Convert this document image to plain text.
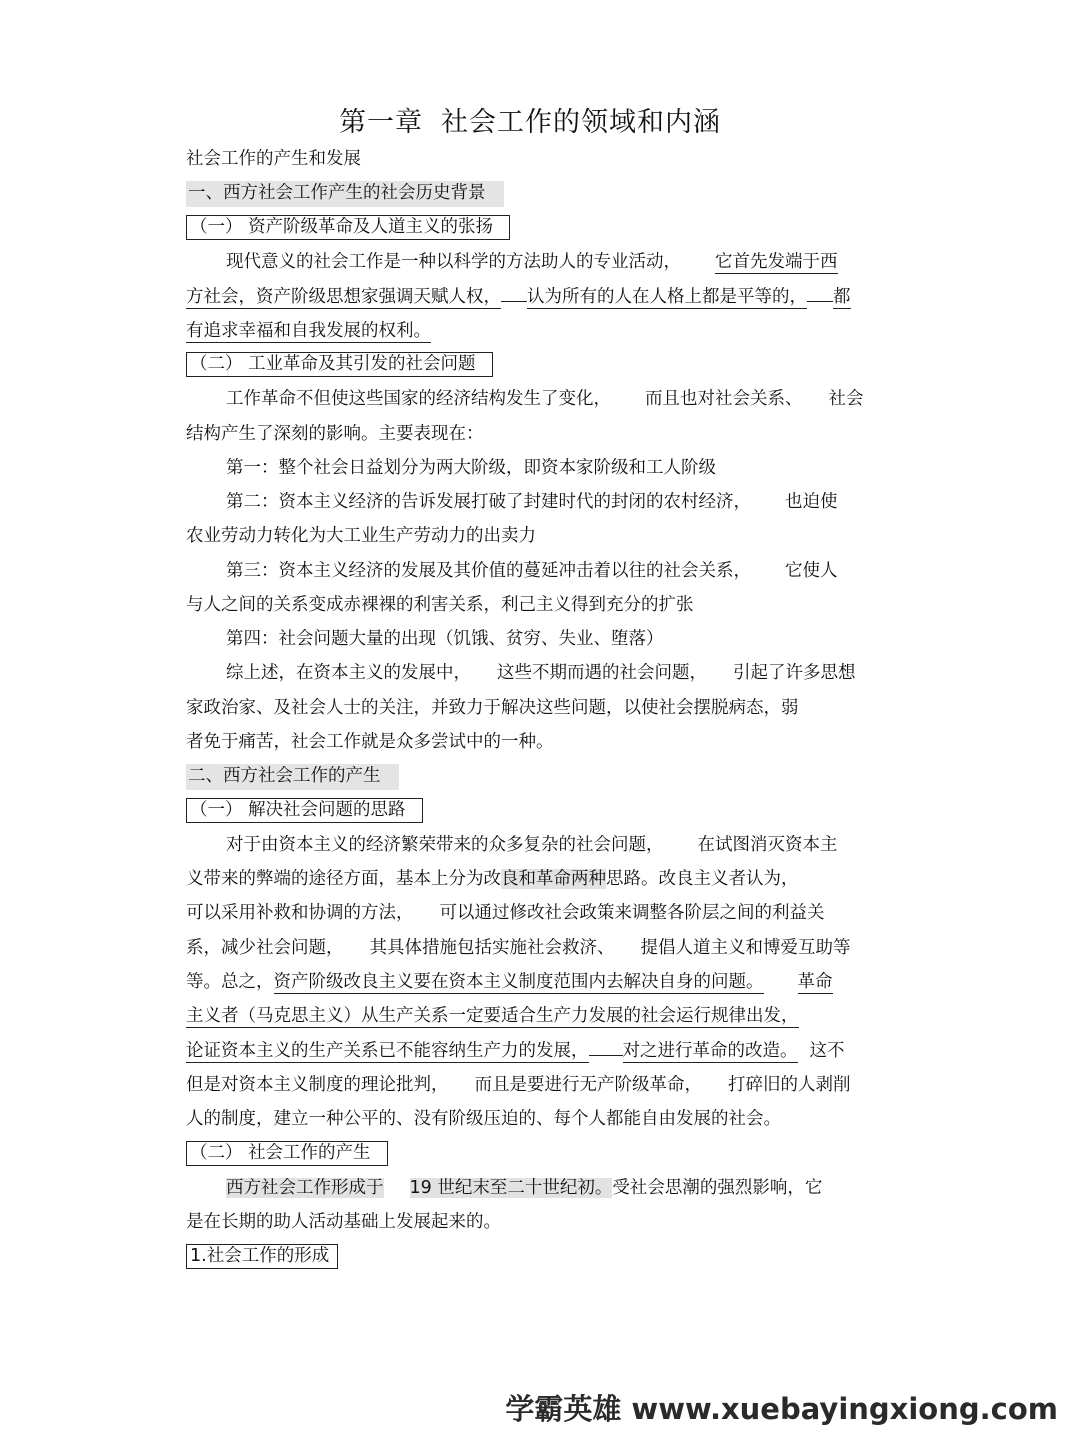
第一章 社会工作的领域和内涵
社会工作的产生和发展
一、西方社会工作产生的社会历史背景
（一） 资产阶级革命及人道主义的张扬
现代意义的社会工作是一种以科学的方法助人的专业活动， 它首先发端于西
方社会，资产阶级思想家强调天赋人权， 认为所有的人在人格上都是平等的， 都
有追求幸福和自我发展的权利。
（二） 工业革命及其引发的社会问题
工作革命不但使这些国家的经济结构发生了变化， 而且也对社会关系、 社会
结构产生了深刻的影响。主要表现在：
第一：整个社会日益划分为两大阶级，即资本家阶级和工人阶级
第二：资本主义经济的告诉发展打破了封建时代的封闭的农村经济， 也迫使
农业劳动力转化为大工业生产劳动力的出卖力
第三：资本主义经济的发展及其价值的蔓延冲击着以往的社会关系， 它使人
与人之间的关系变成赤裸裸的利害关系，利己主义得到充分的扩张
第四：社会问题大量的出现（饥饿、贫穷、失业、堕落）
综上述，在资本主义的发展中， 这些不期而遇的社会问题， 引起了许多思想
家政治家、及社会人士的关注，并致力于解决这些问题，以使社会摆脱病态，弱
者免于痛苦，社会工作就是众多尝试中的一种。
二、西方社会工作的产生
（一） 解决社会问题的思路
对于由资本主义的经济繁荣带来的众多复杂的社会问题， 在试图消灭资本主
义带来的弊端的途径方面，基本上分为改良和革命两种思路。改良主义者认为，
可以采用补救和协调的方法， 可以通过修改社会政策来调整各阶层之间的利益关
系，减少社会问题， 其具体措施包括实施社会救济、 提倡人道主义和博爱互助等
等。总之，资产阶级改良主义要在资本主义制度范围内去解决自身的问题。 革命
主义者（马克思主义）从生产关系一定要适合生产力发展的社会运行规律出发，
论证资本主义的生产关系已不能容纳生产力的发展， 对之进行革命的改造。 这不
但是对资本主义制度的理论批判， 而且是要进行无产阶级革命， 打碎旧的人剥削
人的制度，建立一种公平的、没有阶级压迫的、每个人都能自由发展的社会。
（二） 社会工作的产生
西方社会工作形成于 19 世纪末至二十世纪初。受社会思潮的强烈影响，它
是在长期的助人活动基础上发展起来的。
1.社会工作的形成
学霸英雄 www.xuebayingxiong.com
